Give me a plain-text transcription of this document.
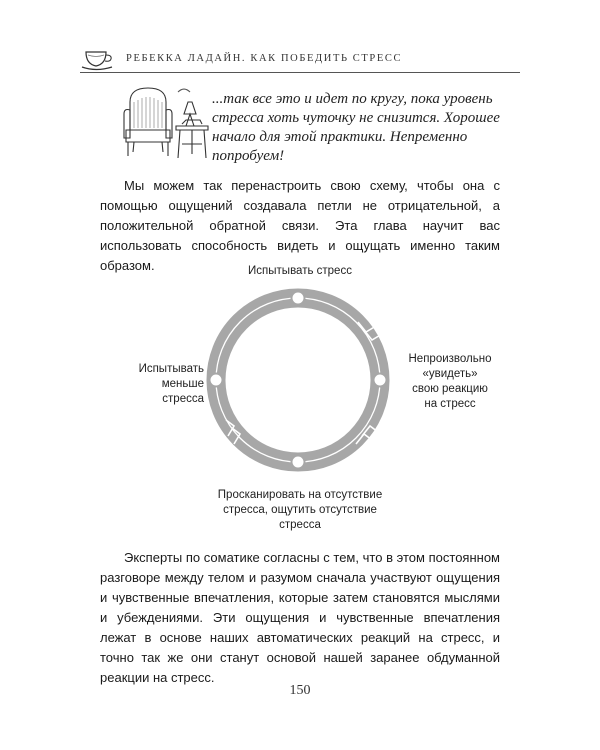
РЕБЕККА ЛАДАЙН. КАК ПОБЕДИТЬ СТРЕСС
...так все это и идет по кругу, пока уровень стресса хоть чуточку не снизится. Хорошее начало для этой практики. Непременно попробуем!
Мы можем так перенастроить свою схему, чтобы она с помощью ощущений создавала петли не отрицательной, а положительной обратной связи. Эта глава научит вас использовать способность видеть и ощущать именно таким образом.	Испытывать стресс
Непроизвольно
«увидеть»
свою реакцию
на стресс
Испытывать
меньше
стресса
Просканировать на отсутствие
стресса, ощутить отсутствие
стресса
Эксперты по соматике согласны с тем, что в этом постоянном разговоре между телом и разумом сначала участвуют ощущения и чувственные впечатления, которые затем становятся мыслями и убеждениями. Эти ощущения и чувственные впечатления лежат в основе наших автоматических реакций на стресс, и точно так же они станут основой нашей заранее обдуманной реакции на стресс.
150
